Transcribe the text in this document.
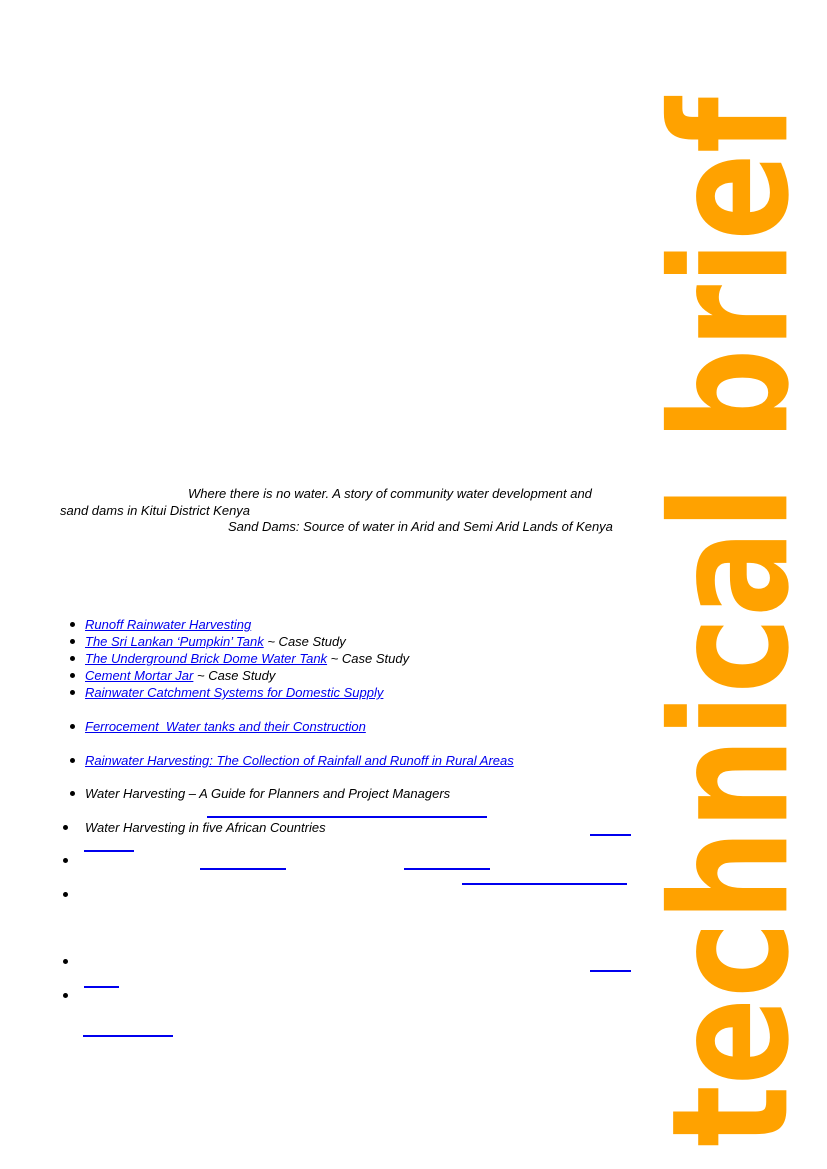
technical brief
Where there is no water. A story of community water development and
sand dams in Kitui District Kenya
Sand Dams: Source of water in Arid and Semi Arid Lands of Kenya
Runoff Rainwater Harvesting
The Sri Lankan ‘Pumpkin’ Tank ~ Case Study
The Underground Brick Dome Water Tank ~ Case Study
Cement Mortar Jar ~ Case Study
Rainwater Catchment Systems for Domestic Supply
Ferrocement  Water tanks and their Construction
Rainwater Harvesting: The Collection of Rainfall and Runoff in Rural Areas
Water Harvesting – A Guide for Planners and Project Managers
Water Harvesting in five African Countries
